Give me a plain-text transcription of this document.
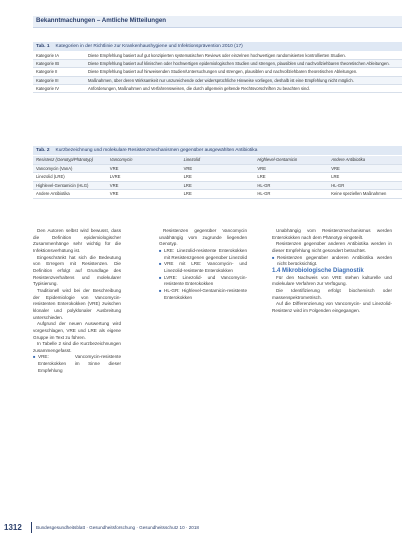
Bekanntmachungen – Amtliche Mitteilungen
Tab. 1 Kategorien in der Richtlinie zur Krankenhaushygiene und Infektionsprävention 2010 (17)
Kategorie IA	Diese Empfehlung basiert auf gut konzipierten systematischen Reviews oder einzelnen hochwertigen randomisierten kontrollierten Studien.
Kategorie IB	Diese Empfehlung basiert auf klinischen oder hochwertigen epidemiologischen Studien und strengen, plausiblen und nachvollziehbaren theoretischen Ableitungen.
Kategorie II	Diese Empfehlung basiert auf hinweisenden Studien/Untersuchungen und strengen, plausiblen und nachvollziehbaren theoretischen Ableitungen.
Kategorie III	Maßnahmen, über deren Wirksamkeit nur unzureichende oder widersprüchliche Hinweise vorliegen, deshalb ist eine Empfehlung nicht möglich.
Kategorie IV	Anforderungen, Maßnahmen und Verfahrensweisen, die durch allgemein geltende Rechtsvorschriften zu beachten sind.
Tab. 2 Kurzbezeichnung und molekulare Resistenzmechanismen gegenüber ausgewählten Antibiotika
Resistenz (Genotyp/Phänotyp)	Vancomycin	Linezolid	Highlevel-Gentamicin	Andere Antibiotika
Vancomycin (VanA)	VRE	VRE	VRE	VRE
Linezolid (LRE)	LVRE	LRE	LRE	LRE
Highlevel-Gentamicin (HLG)	VRE	LRE	HL-GR	HL-GR
Andere Antibiotika	VRE	LRE	HL-GR	Keine speziellen Maßnahmen

Den Autoren selbst wird bewusst, dass die Definition epidemiologischer Zusammenhänge sehr wichtig für die Infektionsverhütung ist.

Eingeschränkt hat sich die Bedeutung von Erregern mit Resistenzen. Die Definition erfolgt auf Grundlage des Resistenzverhaltens und molekularer Typisierung.

Traditionell wird bei der Beschreibung der Epidemiologie von Vancomycin-resistenten Enterokokken (VRE) zwischen klonaler und polyklonaler Ausbreitung unterschieden.

Aufgrund der neuen Auswertung wird vorgeschlagen, VRE und LRE als eigene Gruppe im Text zu führen.

In Tabelle 2 sind die Kurzbezeichnungen zusammengefasst.

■ VRE: Vancomycin-resistente Enterokokken im Sinne dieser Empfehlung

Resistenzen gegenüber Vancomycin unabhängig vom zugrunde liegenden Genotyp.

■ LRE: Linezolid-resistente Enterokokken mit Resistenzgenen gegenüber Linezolid

■ VRE mit LRE: Vancomycin- und Linezolid-resistente Enterokokken

■ LVRE: Linezolid- und Vancomycin-resistente Enterokokken

■ HL-GR: Highlevel-Gentamicin-resistente Enterokokken

Unabhängig vom Resistenzmechanismus werden Enterokokken nach dem Phänotyp eingeteilt.

Resistenzen gegenüber anderen Antibiotika werden in dieser Empfehlung nicht gesondert betrachtet.

■ Resistenzen gegenüber anderen Antibiotika werden nicht berücksichtigt.

1.4 Mikrobiologische Diagnostik

Für den Nachweis von VRE stehen kulturelle und molekulare Verfahren zur Verfügung.

Die Identifizierung erfolgt biochemisch oder massenspektrometrisch.

Auf die Differenzierung von Vancomycin- und Linezolid-Resistenz wird im Folgenden eingegangen.

1312	Bundesgesundheitsblatt · Gesundheitsforschung · Gesundheitsschutz 10 · 2018
